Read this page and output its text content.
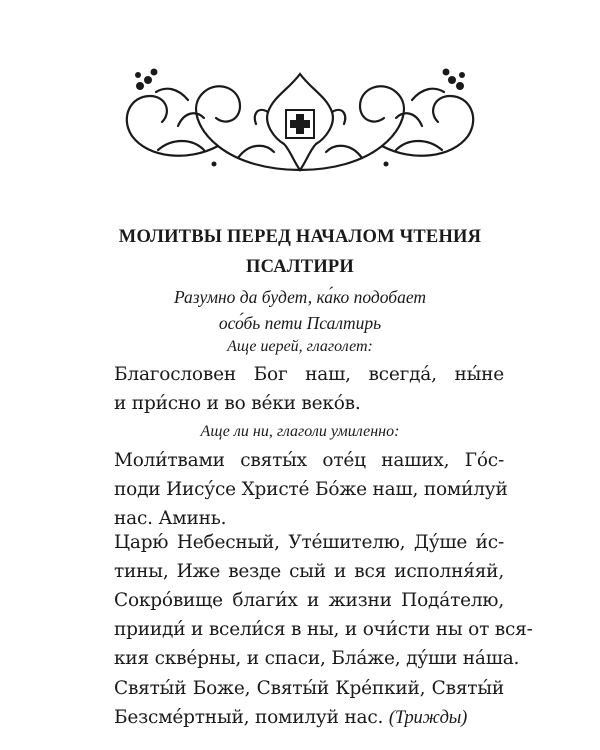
МОЛИТВЫ ПЕРЕД НАЧАЛОМ ЧТЕНИЯ
ПСАЛТИРИ
Разумно да будет, ка́ко подобает
осо́бь пети Псалтирь
Аще иерей, глаголет:
Благословен Бог наш, всегда́, ны́не
и при́сно и во ве́ки веко́в.
Аще ли ни, глаголи умиленно:
Моли́твами святы́х оте́ц наших, Го́с-
поди Иису́се Христе́ Бо́же наш, поми́луй
нас. Аминь.
Царю́ Небесный, Уте́шителю, Ду́ше и́с-
тины, Иже везде сый и вся исполня́яй,
Сокро́вище благи́х и жизни Пода́телю,
прииди́ и всели́ся в ны, и очи́сти ны от вся-
кия скве́рны, и спаси, Бла́же, ду́ши на́ша.
Святы́й Боже, Святы́й Кре́пкий, Святы́й
Безсме́ртный, помилуй нас. (Трижды)
